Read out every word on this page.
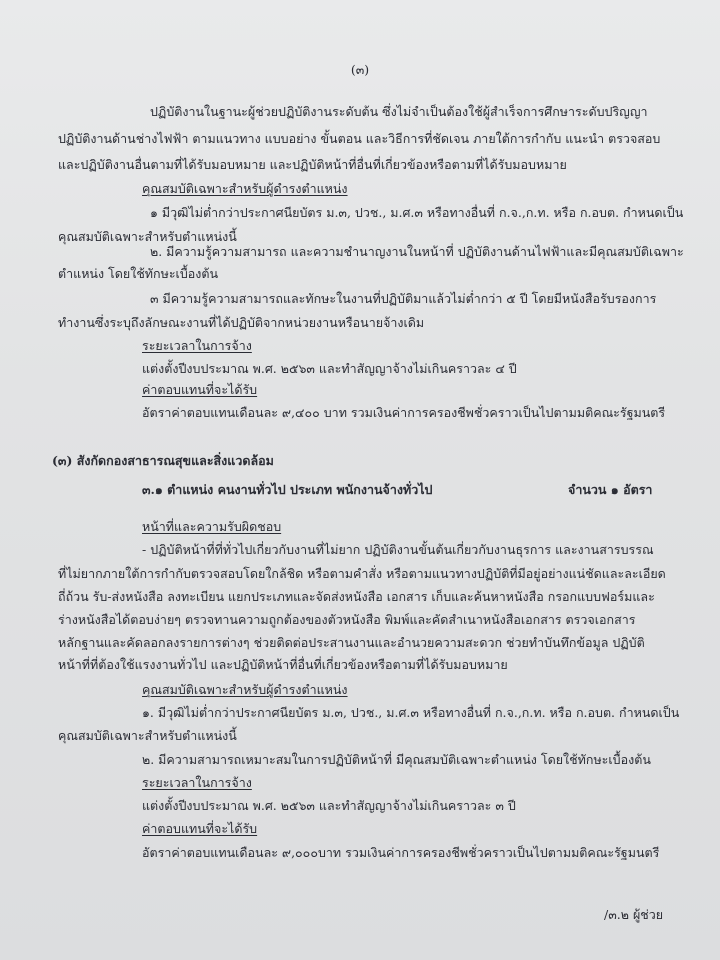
(๓)
ปฏิบัติงานในฐานะผู้ช่วยปฏิบัติงานระดับต้น ซึ่งไม่จำเป็นต้องใช้ผู้สำเร็จการศึกษาระดับปริญญา
ปฏิบัติงานด้านช่างไฟฟ้า ตามแนวทาง แบบอย่าง ขั้นตอน และวิธีการที่ชัดเจน ภายใต้การกำกับ แนะนำ ตรวจสอบ
และปฏิบัติงานอื่นตามที่ได้รับมอบหมาย และปฏิบัติหน้าที่อื่นที่เกี่ยวข้องหรือตามที่ได้รับมอบหมาย
คุณสมบัติเฉพาะสำหรับผู้ดำรงตำแหน่ง
๑ มีวุฒิไม่ต่ำกว่าประกาศนียบัตร ม.๓, ปวช., ม.ศ.๓ หรือทางอื่นที่ ก.จ.,ก.ท. หรือ ก.อบต. กำหนดเป็น
คุณสมบัติเฉพาะสำหรับตำแหน่งนี้
๒. มีความรู้ความสามารถ และความชำนาญงานในหน้าที่ ปฏิบัติงานด้านไฟฟ้าและมีคุณสมบัติเฉพาะ
ตำแหน่ง โดยใช้ทักษะเบื้องต้น
๓ มีความรู้ความสามารถและทักษะในงานที่ปฏิบัติมาแล้วไม่ต่ำกว่า ๕ ปี โดยมีหนังสือรับรองการ
ทำงานซึ่งระบุถึงลักษณะงานที่ได้ปฏิบัติจากหน่วยงานหรือนายจ้างเดิม
ระยะเวลาในการจ้าง
แต่งตั้งปีงบประมาณ พ.ศ. ๒๕๖๓ และทำสัญญาจ้างไม่เกินคราวละ ๔ ปี
ค่าตอบแทนที่จะได้รับ
อัตราค่าตอบแทนเดือนละ ๙,๔๐๐ บาท รวมเงินค่าการครองชีพชั่วคราวเป็นไปตามมติคณะรัฐมนตรี
(๓) สังกัดกองสาธารณสุขและสิ่งแวดล้อม
๓.๑ ตำแหน่ง คนงานทั่วไป ประเภท พนักงานจ้างทั่วไป	จำนวน ๑ อัตรา
หน้าที่และความรับผิดชอบ
- ปฏิบัติหน้าที่ที่ทั่วไปเกี่ยวกับงานที่ไม่ยาก ปฏิบัติงานขั้นต้นเกี่ยวกับงานธุรการ และงานสารบรรณ
ที่ไม่ยากภายใต้การกำกับตรวจสอบโดยใกล้ชิด หรือตามคำสั่ง หรือตามแนวทางปฏิบัติที่มีอยู่อย่างแน่ชัดและละเอียด
ถี่ถ้วน รับ-ส่งหนังสือ ลงทะเบียน แยกประเภทและจัดส่งหนังสือ เอกสาร เก็บและค้นหาหนังสือ กรอกแบบฟอร์มและ
ร่างหนังสือได้ตอบง่ายๆ ตรวจทานความถูกต้องของตัวหนังสือ พิมพ์และคัดสำเนาหนังสือเอกสาร ตรวจเอกสาร
หลักฐานและคัดลอกลงรายการต่างๆ ช่วยติดต่อประสานงานและอำนวยความสะดวก ช่วยทำบันทึกข้อมูล ปฏิบัติ
หน้าที่ที่ต้องใช้แรงงานทั่วไป และปฏิบัติหน้าที่อื่นที่เกี่ยวข้องหรือตามที่ได้รับมอบหมาย
คุณสมบัติเฉพาะสำหรับผู้ดำรงตำแหน่ง
๑. มีวุฒิไม่ต่ำกว่าประกาศนียบัตร ม.๓, ปวช., ม.ศ.๓ หรือทางอื่นที่ ก.จ.,ก.ท. หรือ ก.อบต. กำหนดเป็น
คุณสมบัติเฉพาะสำหรับตำแหน่งนี้
๒. มีความสามารถเหมาะสมในการปฏิบัติหน้าที่ มีคุณสมบัติเฉพาะตำแหน่ง โดยใช้ทักษะเบื้องต้น
ระยะเวลาในการจ้าง
แต่งตั้งปีงบประมาณ พ.ศ. ๒๕๖๓ และทำสัญญาจ้างไม่เกินคราวละ ๓ ปี
ค่าตอบแทนที่จะได้รับ
อัตราค่าตอบแทนเดือนละ ๙,๐๐๐บาท รวมเงินค่าการครองชีพชั่วคราวเป็นไปตามมติคณะรัฐมนตรี
/๓.๒ ผู้ช่วย
